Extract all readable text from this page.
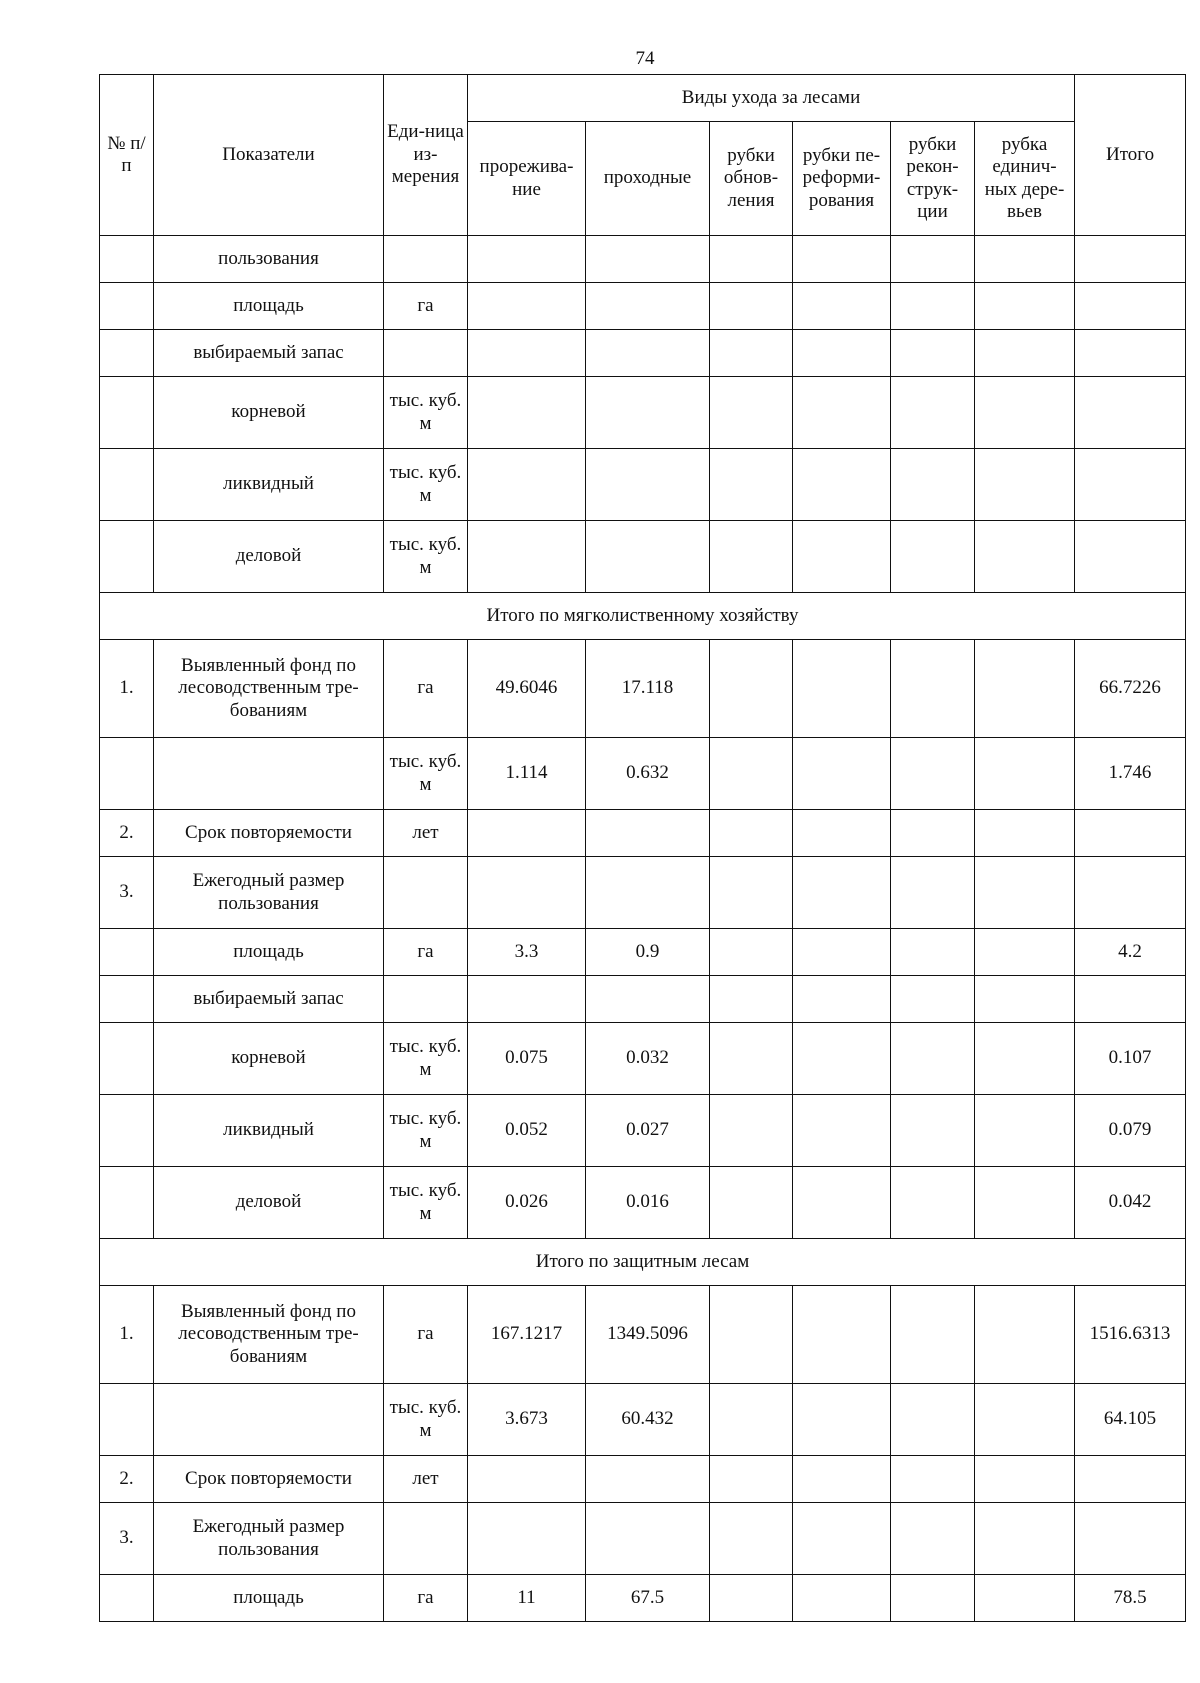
74
№ п/п	Показатели	Еди-ница из-мерения	Виды ухода за лесами						Итого
			прорежива-ние	проходные	рубки обнов-ления	рубки пе-реформи-рования	рубки рекон-струк-ции	рубка единич-ных дере-вьев	
	пользования								
	площадь	га							
	выбираемый запас								
	корневой	тыс. куб. м							
	ликвидный	тыс. куб. м							
	деловой	тыс. куб. м							
Итого по мягколиственному хозяйству									
1.	Выявленный фонд по лесоводственным тре-бованиям	га	49.6046	17.118					66.7226
		тыс. куб. м	1.114	0.632					1.746
2.	Срок повторяемости	лет							
3.	Ежегодный размер пользования								
	площадь	га	3.3	0.9					4.2
	выбираемый запас								
	корневой	тыс. куб. м	0.075	0.032					0.107
	ликвидный	тыс. куб. м	0.052	0.027					0.079
	деловой	тыс. куб. м	0.026	0.016					0.042
Итого по защитным лесам									
1.	Выявленный фонд по лесоводственным тре-бованиям	га	167.1217	1349.5096					1516.6313
		тыс. куб. м	3.673	60.432					64.105
2.	Срок повторяемости	лет							
3.	Ежегодный размер пользования								
	площадь	га	11	67.5					78.5
